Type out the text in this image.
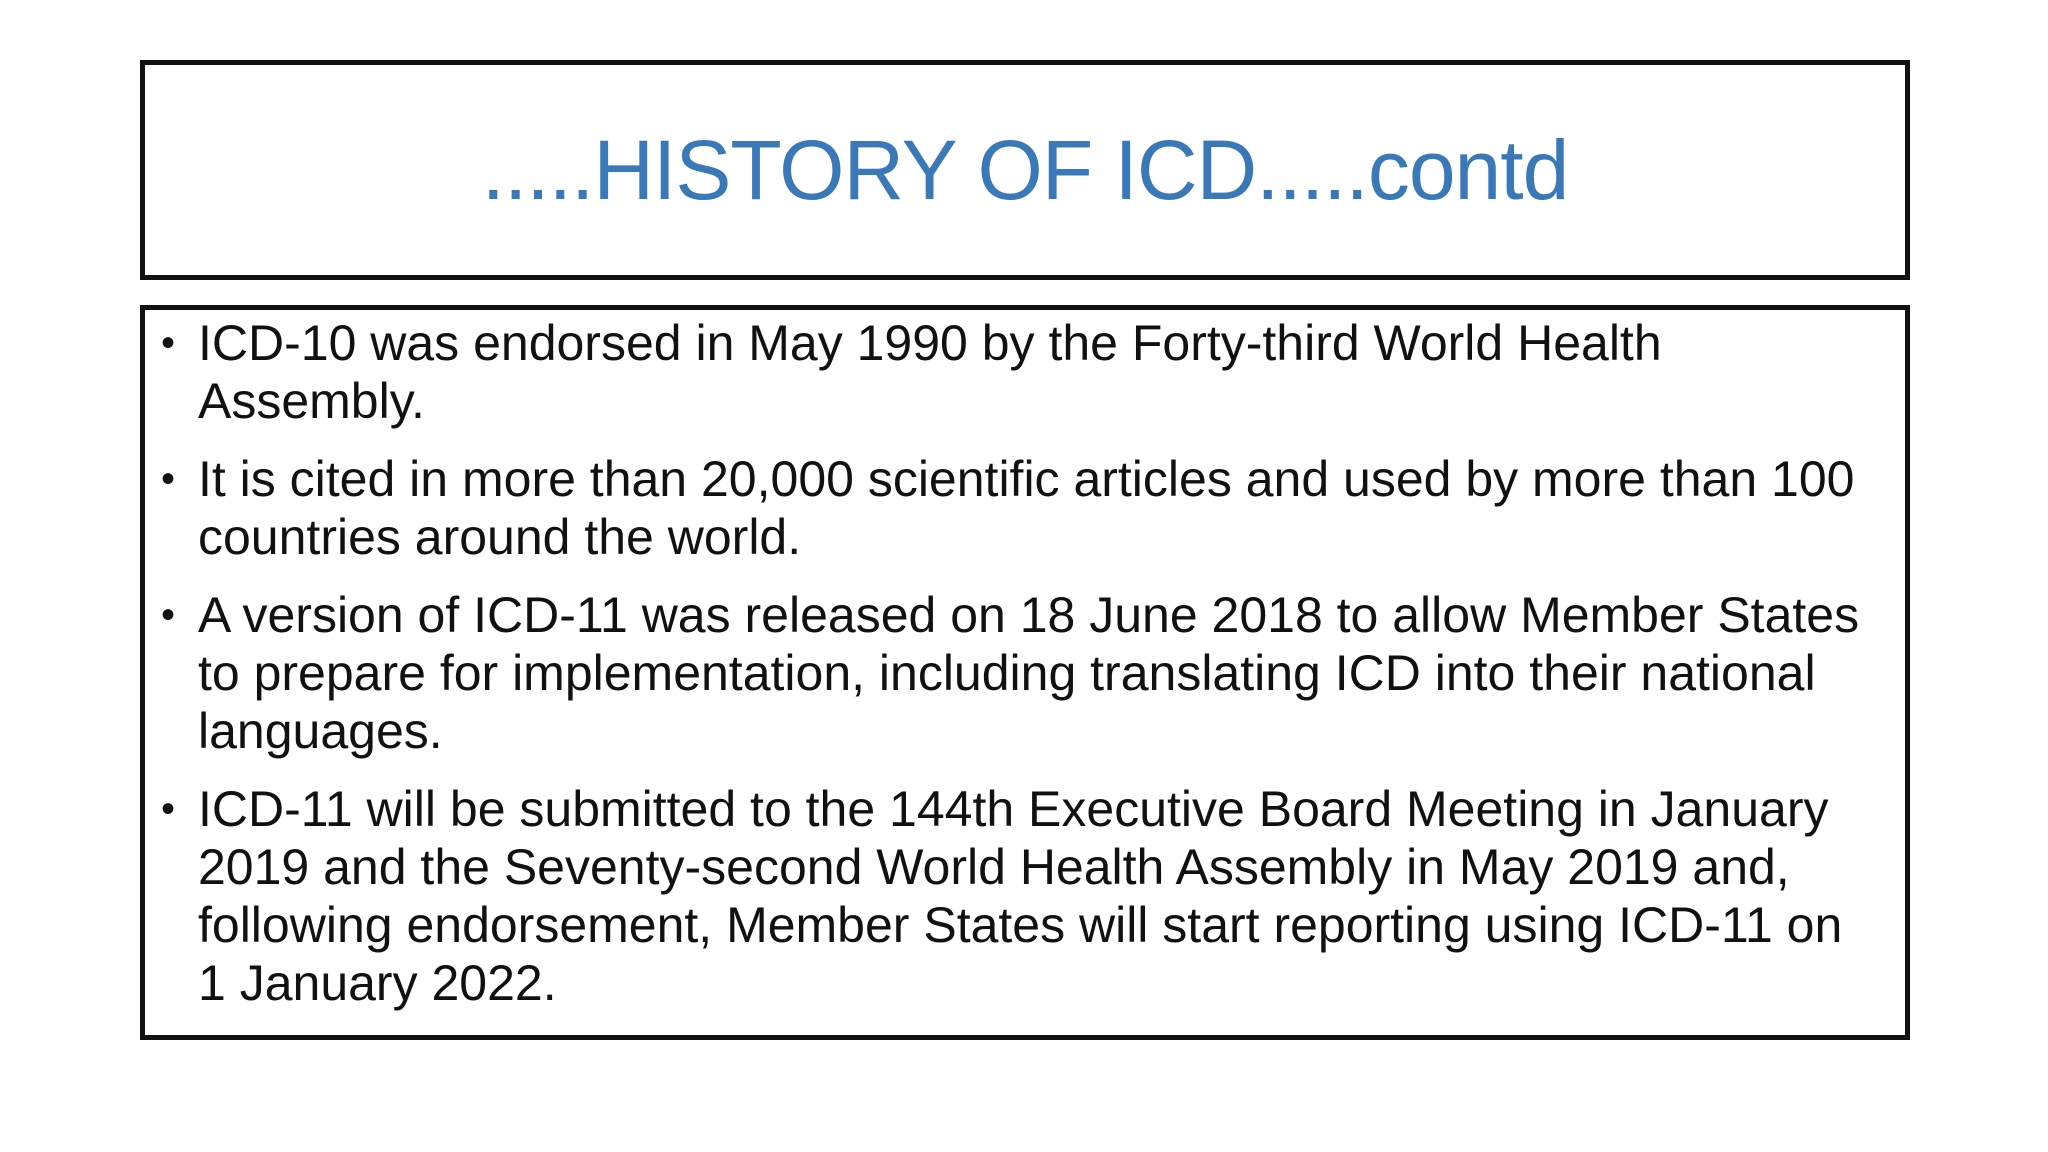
.....HISTORY OF ICD.....contd
• ICD-10 was endorsed in May 1990 by the Forty-third World Health Assembly.
• It is cited in more than 20,000 scientific articles and used by more than 100 countries around the world.
• A version of ICD-11 was released on 18 June 2018 to allow Member States to prepare for implementation, including translating ICD into their national languages.
• ICD-11 will be submitted to the 144th Executive Board Meeting in January 2019 and the Seventy-second World Health Assembly in May 2019 and, following endorsement, Member States will start reporting using ICD-11 on 1 January 2022.
